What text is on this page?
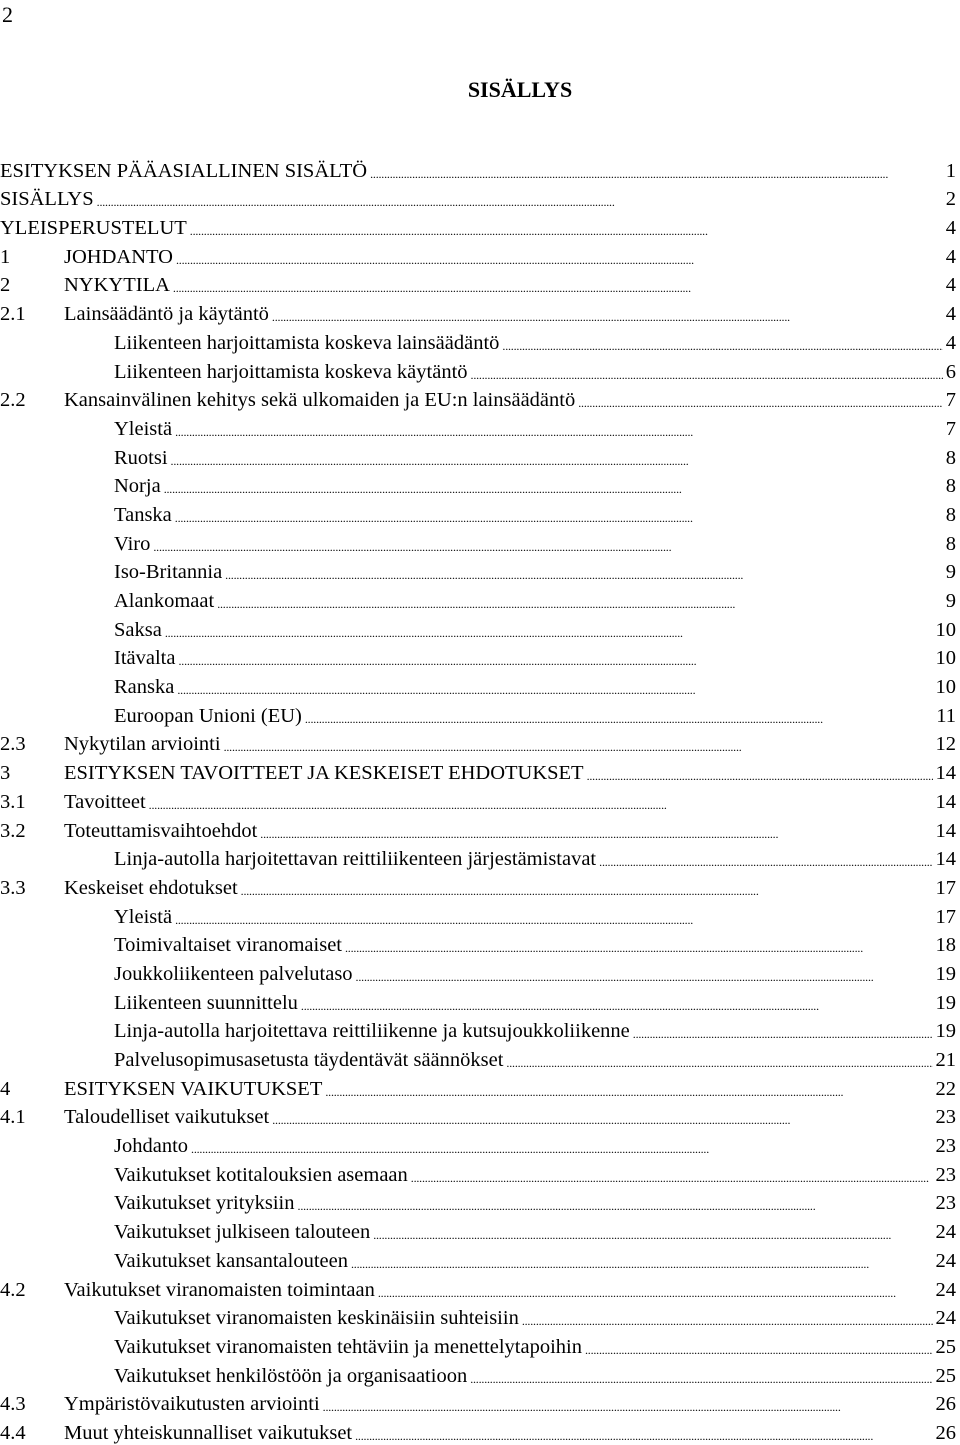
2
SISÄLLYS
ESITYKSEN PÄÄASIALLINEN SISÄLTÖ . . .	1
SISÄLLYS . . .	2
YLEISPERUSTELUT . . .	4
1	JOHDANTO . . .	4
2	NYKYTILA . . .	4
2.1	Lainsäädäntö ja käytäntö . . .	4
Liikenteen harjoittamista koskeva lainsäädäntö . . .	4
Liikenteen harjoittamista koskeva käytäntö . . .	6
2.2	Kansainvälinen kehitys sekä ulkomaiden ja EU:n lainsäädäntö . . .	7
Yleistä . . .	7
Ruotsi . . .	8
Norja . . .	8
Tanska . . .	8
Viro . . .	8
Iso-Britannia . . .	9
Alankomaat . . .	9
Saksa . . .	10
Itävalta . . .	10
Ranska . . .	10
Euroopan Unioni (EU) . . .	11
2.3	Nykytilan arviointi . . .	12
3	ESITYKSEN TAVOITTEET JA KESKEISET EHDOTUKSET . . .	14
3.1	Tavoitteet . . .	14
3.2	Toteuttamisvaihtoehdot . . .	14
Linja-autolla harjoitettavan reittiliikenteen järjestämistavat . . .	14
3.3	Keskeiset ehdotukset . . .	17
Yleistä . . .	17
Toimivaltaiset viranomaiset . . .	18
Joukkoliikenteen palvelutaso . . .	19
Liikenteen suunnittelu . . .	19
Linja-autolla harjoitettava reittiliikenne ja kutsujoukkoliikenne . . .	19
Palvelusopimusasetusta täydentävät säännökset . . .	21
4	ESITYKSEN VAIKUTUKSET . . .	22
4.1	Taloudelliset vaikutukset . . .	23
Johdanto . . .	23
Vaikutukset kotitalouksien asemaan . . .	23
Vaikutukset yrityksiin . . .	23
Vaikutukset julkiseen talouteen . . .	24
Vaikutukset kansantalouteen . . .	24
4.2	Vaikutukset viranomaisten toimintaan . . .	24
Vaikutukset viranomaisten keskinäisiin suhteisiin . . .	24
Vaikutukset viranomaisten tehtäviin ja menettelytapoihin . . .	25
Vaikutukset henkilöstöön ja organisaatioon . . .	25
4.3	Ympäristövaikutusten arviointi . . .	26
4.4	Muut yhteiskunnalliset vaikutukset . . .	26
